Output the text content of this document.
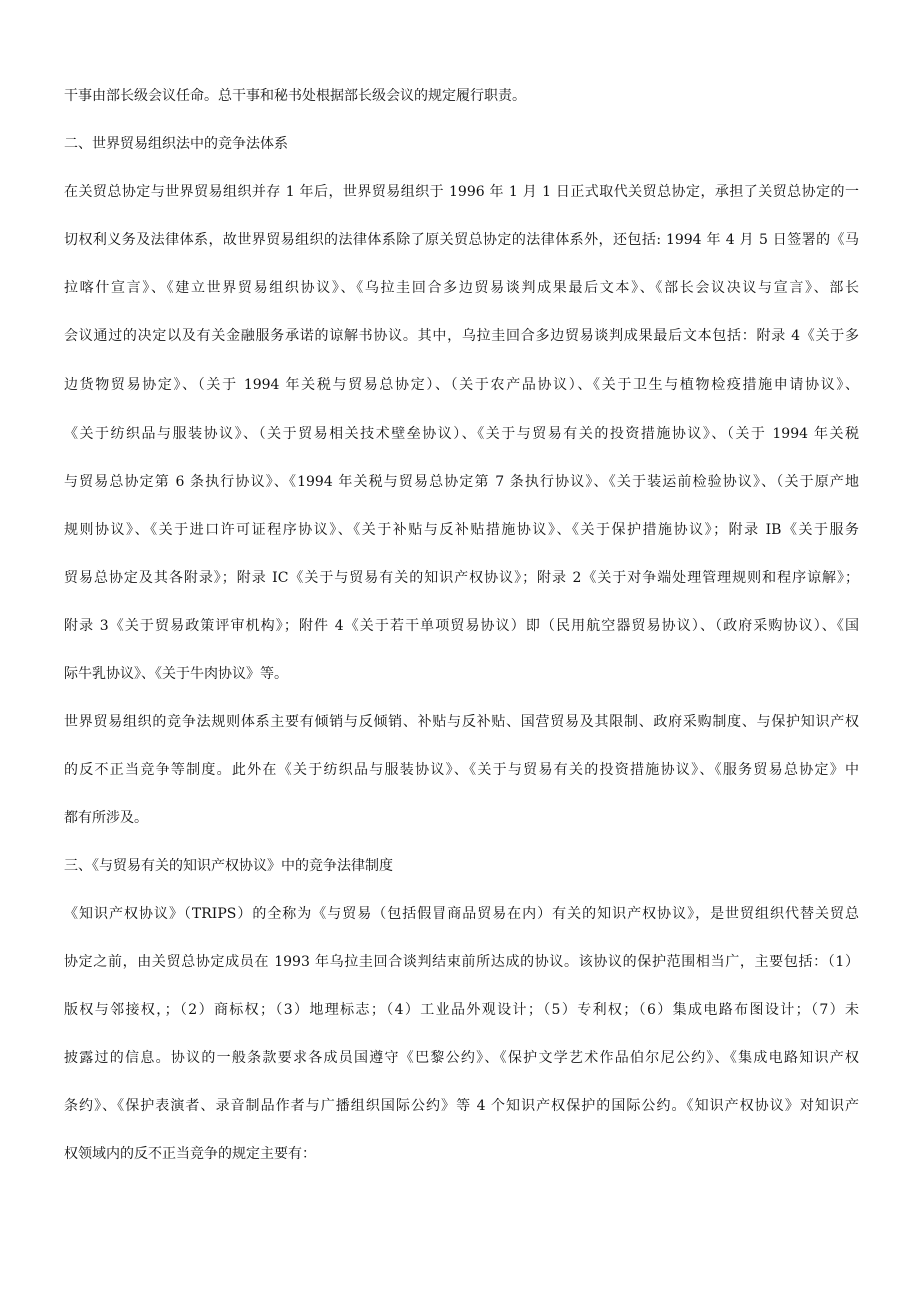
干事由部长级会议任命。总干事和秘书处根据部长级会议的规定履行职责。
二、世界贸易组织法中的竞争法体系
在关贸总协定与世界贸易组织并存 1 年后，世界贸易组织于 1996 年 1 月 1 日正式取代关贸总协定，承担了关贸总协定的一
切权利义务及法律体系，故世界贸易组织的法律体系除了原关贸总协定的法律体系外，还包括: 1994 年 4 月 5 日签署的《马
拉喀什宣言》、《建立世界贸易组织协议》、《乌拉圭回合多边贸易谈判成果最后文本》、《部长会议决议与宣言》、部长
会议通过的决定以及有关金融服务承诺的谅解书协议。其中，乌拉圭回合多边贸易谈判成果最后文本包括：附录 4《关于多
边货物贸易协定》、（关于 1994 年关税与贸易总协定）、（关于农产品协议）、《关于卫生与植物检疫措施申请协议》、
《关于纺织品与服装协议》、（关于贸易相关技术壁垒协议）、《关于与贸易有关的投资措施协议》、（关于 1994 年关税
与贸易总协定第 6 条执行协议》、《1994 年关税与贸易总协定第 7 条执行协议》、《关于装运前检验协议》、（关于原产地
规则协议》、《关于进口许可证程序协议》、《关于补贴与反补贴措施协议》、《关于保护措施协议》；附录 IB《关于服务
贸易总协定及其各附录》；附录 IC《关于与贸易有关的知识产权协议》；附录 2《关于对争端处理管理规则和程序谅解》；
附录 3《关于贸易政策评审机构》；附件 4《关于若干单项贸易协议）即（民用航空器贸易协议）、（政府采购协议）、《国
际牛乳协议》、《关于牛肉协议》等。
世界贸易组织的竞争法规则体系主要有倾销与反倾销、补贴与反补贴、国营贸易及其限制、政府采购制度、与保护知识产权
的反不正当竞争等制度。此外在《关于纺织品与服装协议》、《关于与贸易有关的投资措施协议》、《服务贸易总协定》中
都有所涉及。
三、《与贸易有关的知识产权协议》中的竞争法律制度
《知识产权协议》（TRIPS）的全称为《与贸易（包括假冒商品贸易在内）有关的知识产权协议》，是世贸组织代替关贸总
协定之前，由关贸总协定成员在 1993 年乌拉圭回合谈判结束前所达成的协议。该协议的保护范围相当广，主要包括：（1）
版权与邻接权，；（2）商标权；（3）地理标志；（4）工业品外观设计；（5）专利权；（6）集成电路布图设计；（7）未
披露过的信息。协议的一般条款要求各成员国遵守《巴黎公约》、《保护文学艺术作品伯尔尼公约》、《集成电路知识产权
条约》、《保护表演者、录音制品作者与广播组织国际公约》等 4 个知识产权保护的国际公约。《知识产权协议》对知识产
权领域内的反不正当竞争的规定主要有：
